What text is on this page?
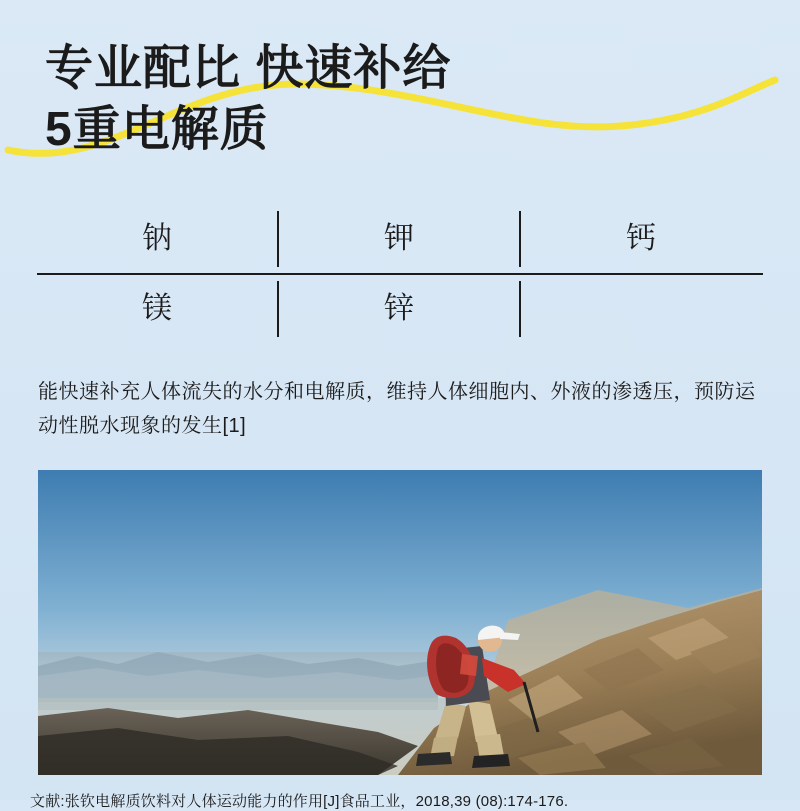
专业配比 快速补给
5重电解质
钠	钾	钙
镁	锌
能快速补充人体流失的水分和电解质，维持人体细胞内、外液的渗透压，预防运动性脱水现象的发生[1]
文献:张钦电解质饮料对人体运动能力的作用[J]食品工业，2018,39 (08):174-176.
